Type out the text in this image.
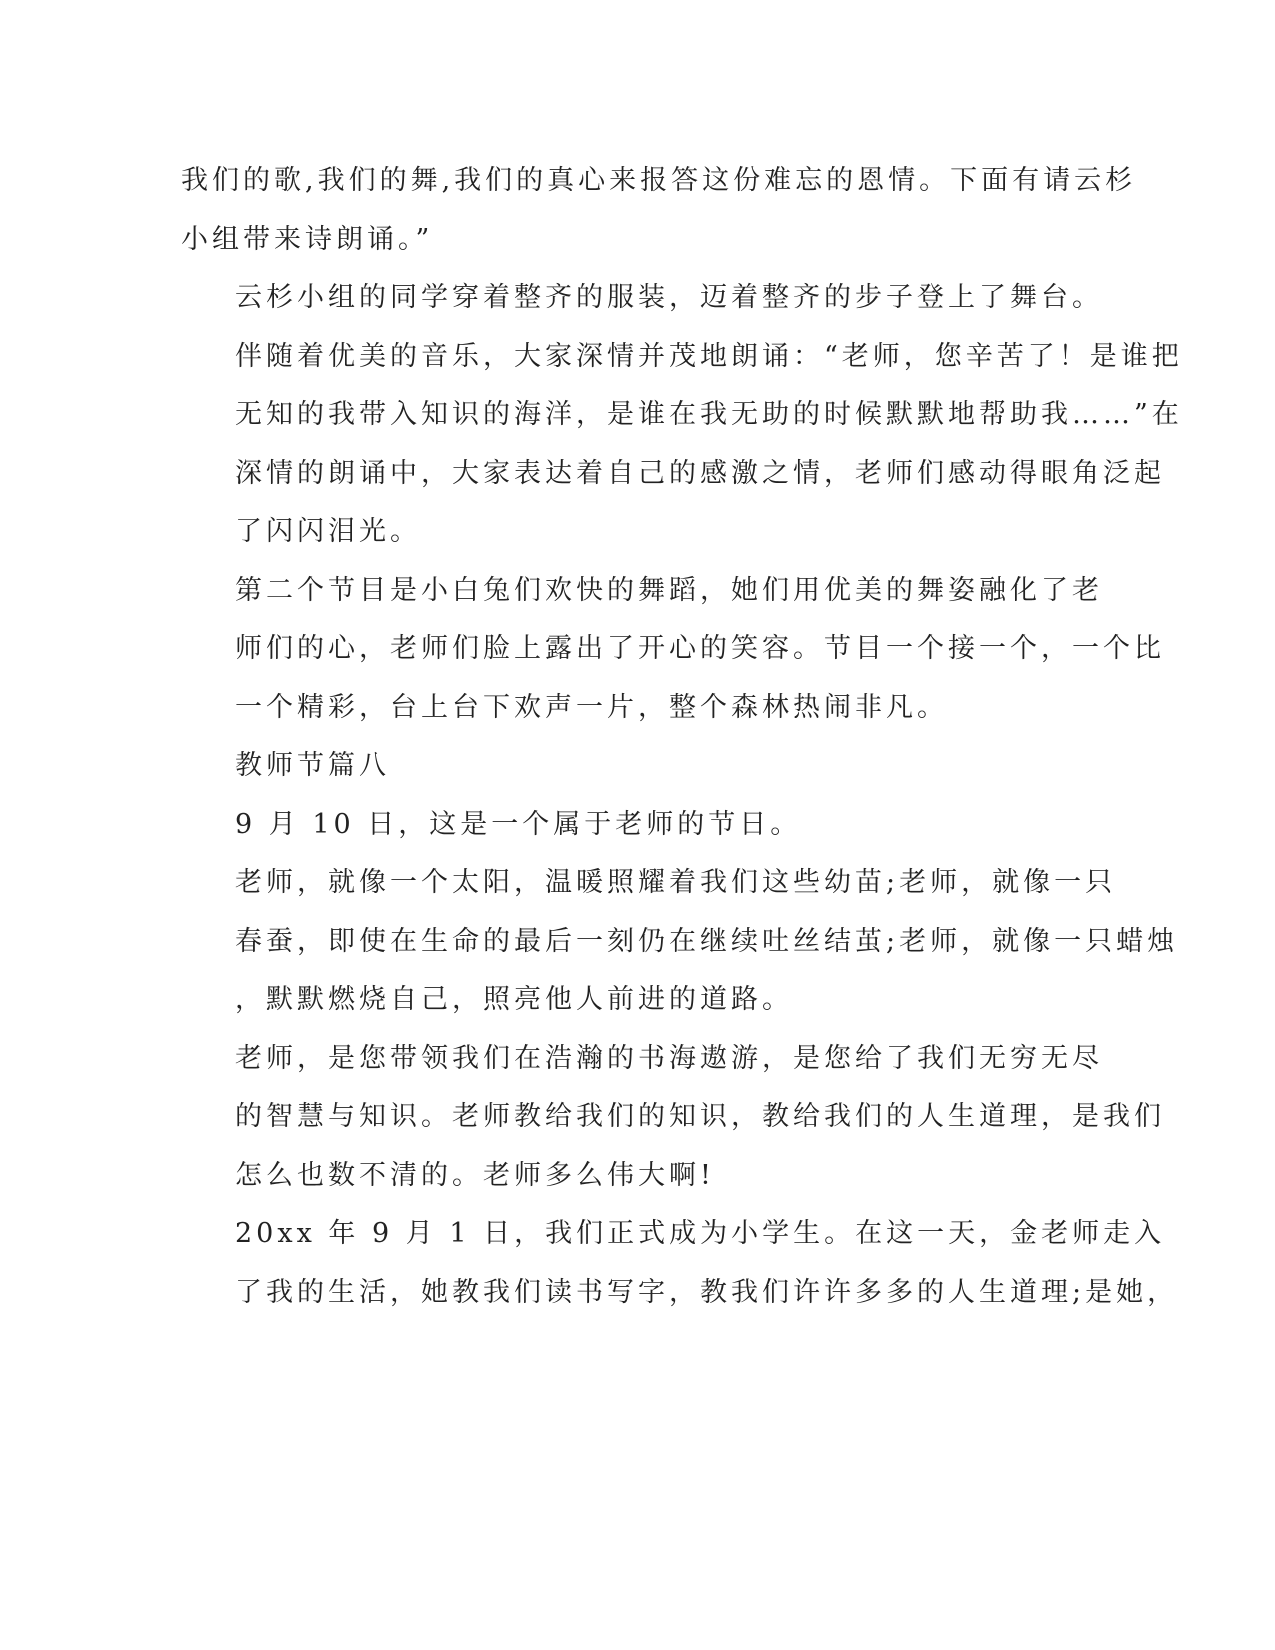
我们的歌,我们的舞,我们的真心来报答这份难忘的恩情。下面有请云杉
小组带来诗朗诵。”

云杉小组的同学穿着整齐的服装，迈着整齐的步子登上了舞台。
伴随着优美的音乐，大家深情并茂地朗诵：“老师，您辛苦了！是谁把
无知的我带入知识的海洋，是谁在我无助的时候默默地帮助我……”在
深情的朗诵中，大家表达着自己的感激之情，老师们感动得眼角泛起
了闪闪泪光。

第二个节目是小白兔们欢快的舞蹈，她们用优美的舞姿融化了老
师们的心，老师们脸上露出了开心的笑容。节目一个接一个，一个比
一个精彩，台上台下欢声一片，整个森林热闹非凡。

教师节篇八

9 月 10 日，这是一个属于老师的节日。

老师，就像一个太阳，温暖照耀着我们这些幼苗;老师，就像一只
春蚕，即使在生命的最后一刻仍在继续吐丝结茧;老师，就像一只蜡烛
，默默燃烧自己，照亮他人前进的道路。

老师，是您带领我们在浩瀚的书海遨游，是您给了我们无穷无尽
的智慧与知识。老师教给我们的知识，教给我们的人生道理，是我们
怎么也数不清的。老师多么伟大啊!

20xx 年 9 月 1 日，我们正式成为小学生。在这一天，金老师走入
了我的生活，她教我们读书写字，教我们许许多多的人生道理;是她，
